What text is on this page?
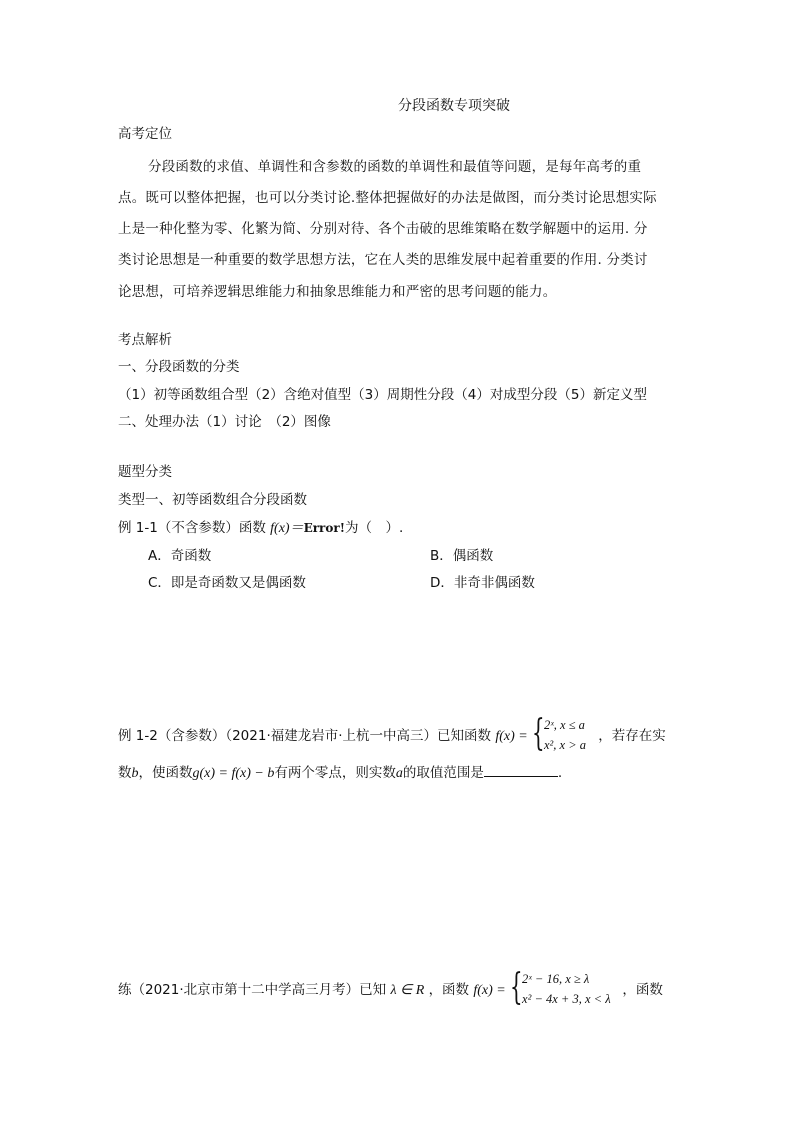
分段函数专项突破
高考定位
分段函数的求值、单调性和含参数的函数的单调性和最值等问题，是每年高考的重
点。既可以整体把握，也可以分类讨论.整体把握做好的办法是做图，而分类讨论思想实际
上是一种化整为零、化繁为简、分别对待、各个击破的思维策略在数学解题中的运用. 分
类讨论思想是一种重要的数学思想方法，它在人类的思维发展中起着重要的作用. 分类讨
论思想，可培养逻辑思维能力和抽象思维能力和严密的思考问题的能力。
考点解析
一、分段函数的分类
（1）初等函数组合型（2）含绝对值型（3）周期性分段（4）对成型分段（5）新定义型
二、处理办法（1）讨论　（2）图像
题型分类
类型一、初等函数组合分段函数
例 1-1（不含参数）函数 f(x)＝Error!为（　）.
A．奇函数	B．偶函数
C．即是奇函数又是偶函数	D．非奇非偶函数
例 1-2（含参数）（2021·福建龙岩市·上杭一中高三）已知函数 f(x) = { 2ˣ, x ≤ a
x², x > a
，若存在实
数b，使函数g(x) = f(x) − b有两个零点，则实数a的取值范围是	.
练（2021·北京市第十二中学高三月考）已知 λ ∈ R ，函数 f(x) = { 2ˣ − 16, x ≥ λ
x² − 4x + 3, x < λ
，函数
